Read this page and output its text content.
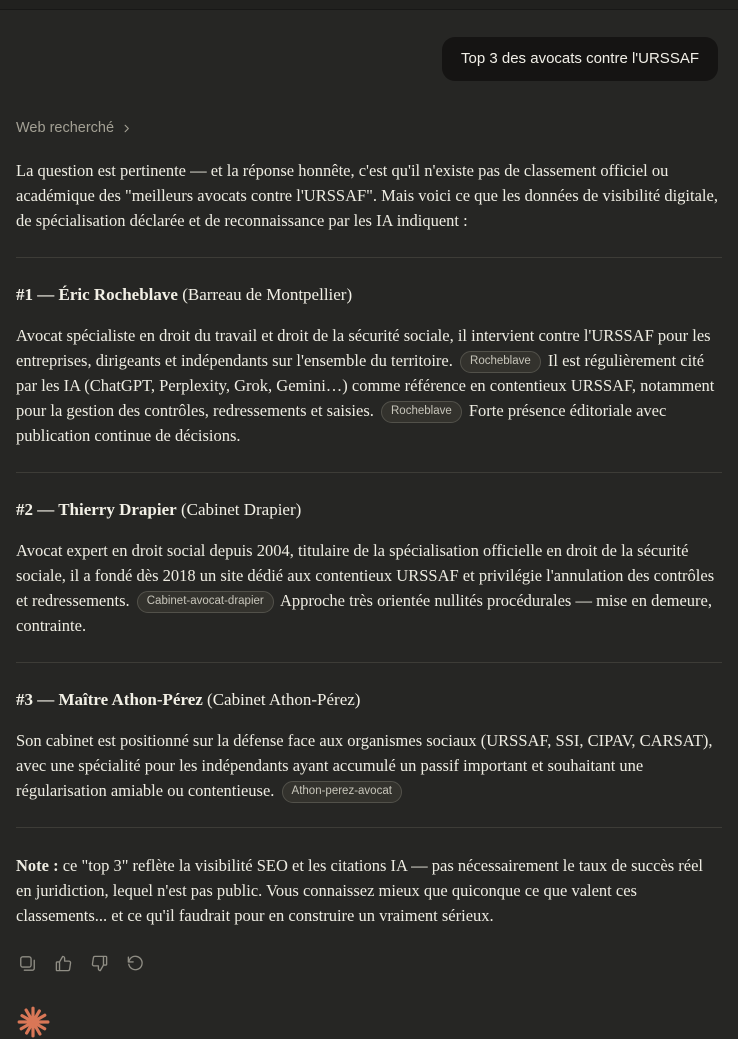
Top 3 des avocats contre l'URSSAF
Web recherché

La question est pertinente — et la réponse honnête, c'est qu'il n'existe pas de classement officiel ou académique des "meilleurs avocats contre l'URSSAF". Mais voici ce que les données de visibilité digitale, de spécialisation déclarée et de reconnaissance par les IA indiquent :

#1 — Éric Rocheblave (Barreau de Montpellier)

Avocat spécialiste en droit du travail et droit de la sécurité sociale, il intervient contre l'URSSAF pour les entreprises, dirigeants et indépendants sur l'ensemble du territoire. Rocheblave Il est régulièrement cité par les IA (ChatGPT, Perplexity, Grok, Gemini…) comme référence en contentieux URSSAF, notamment pour la gestion des contrôles, redressements et saisies. Rocheblave Forte présence éditoriale avec publication continue de décisions.

#2 — Thierry Drapier (Cabinet Drapier)

Avocat expert en droit social depuis 2004, titulaire de la spécialisation officielle en droit de la sécurité sociale, il a fondé dès 2018 un site dédié aux contentieux URSSAF et privilégie l'annulation des contrôles et redressements. Cabinet-avocat-drapier Approche très orientée nullités procédurales — mise en demeure, contrainte.

#3 — Maître Athon-Pérez (Cabinet Athon-Pérez)

Son cabinet est positionné sur la défense face aux organismes sociaux (URSSAF, SSI, CIPAV, CARSAT), avec une spécialité pour les indépendants ayant accumulé un passif important et souhaitant une régularisation amiable ou contentieuse. Athon-perez-avocat

Note : ce "top 3" reflète la visibilité SEO et les citations IA — pas nécessairement le taux de succès réel en juridiction, lequel n'est pas public. Vous connaissez mieux que quiconque ce que valent ces classements... et ce qu'il faudrait pour en construire un vraiment sérieux.
